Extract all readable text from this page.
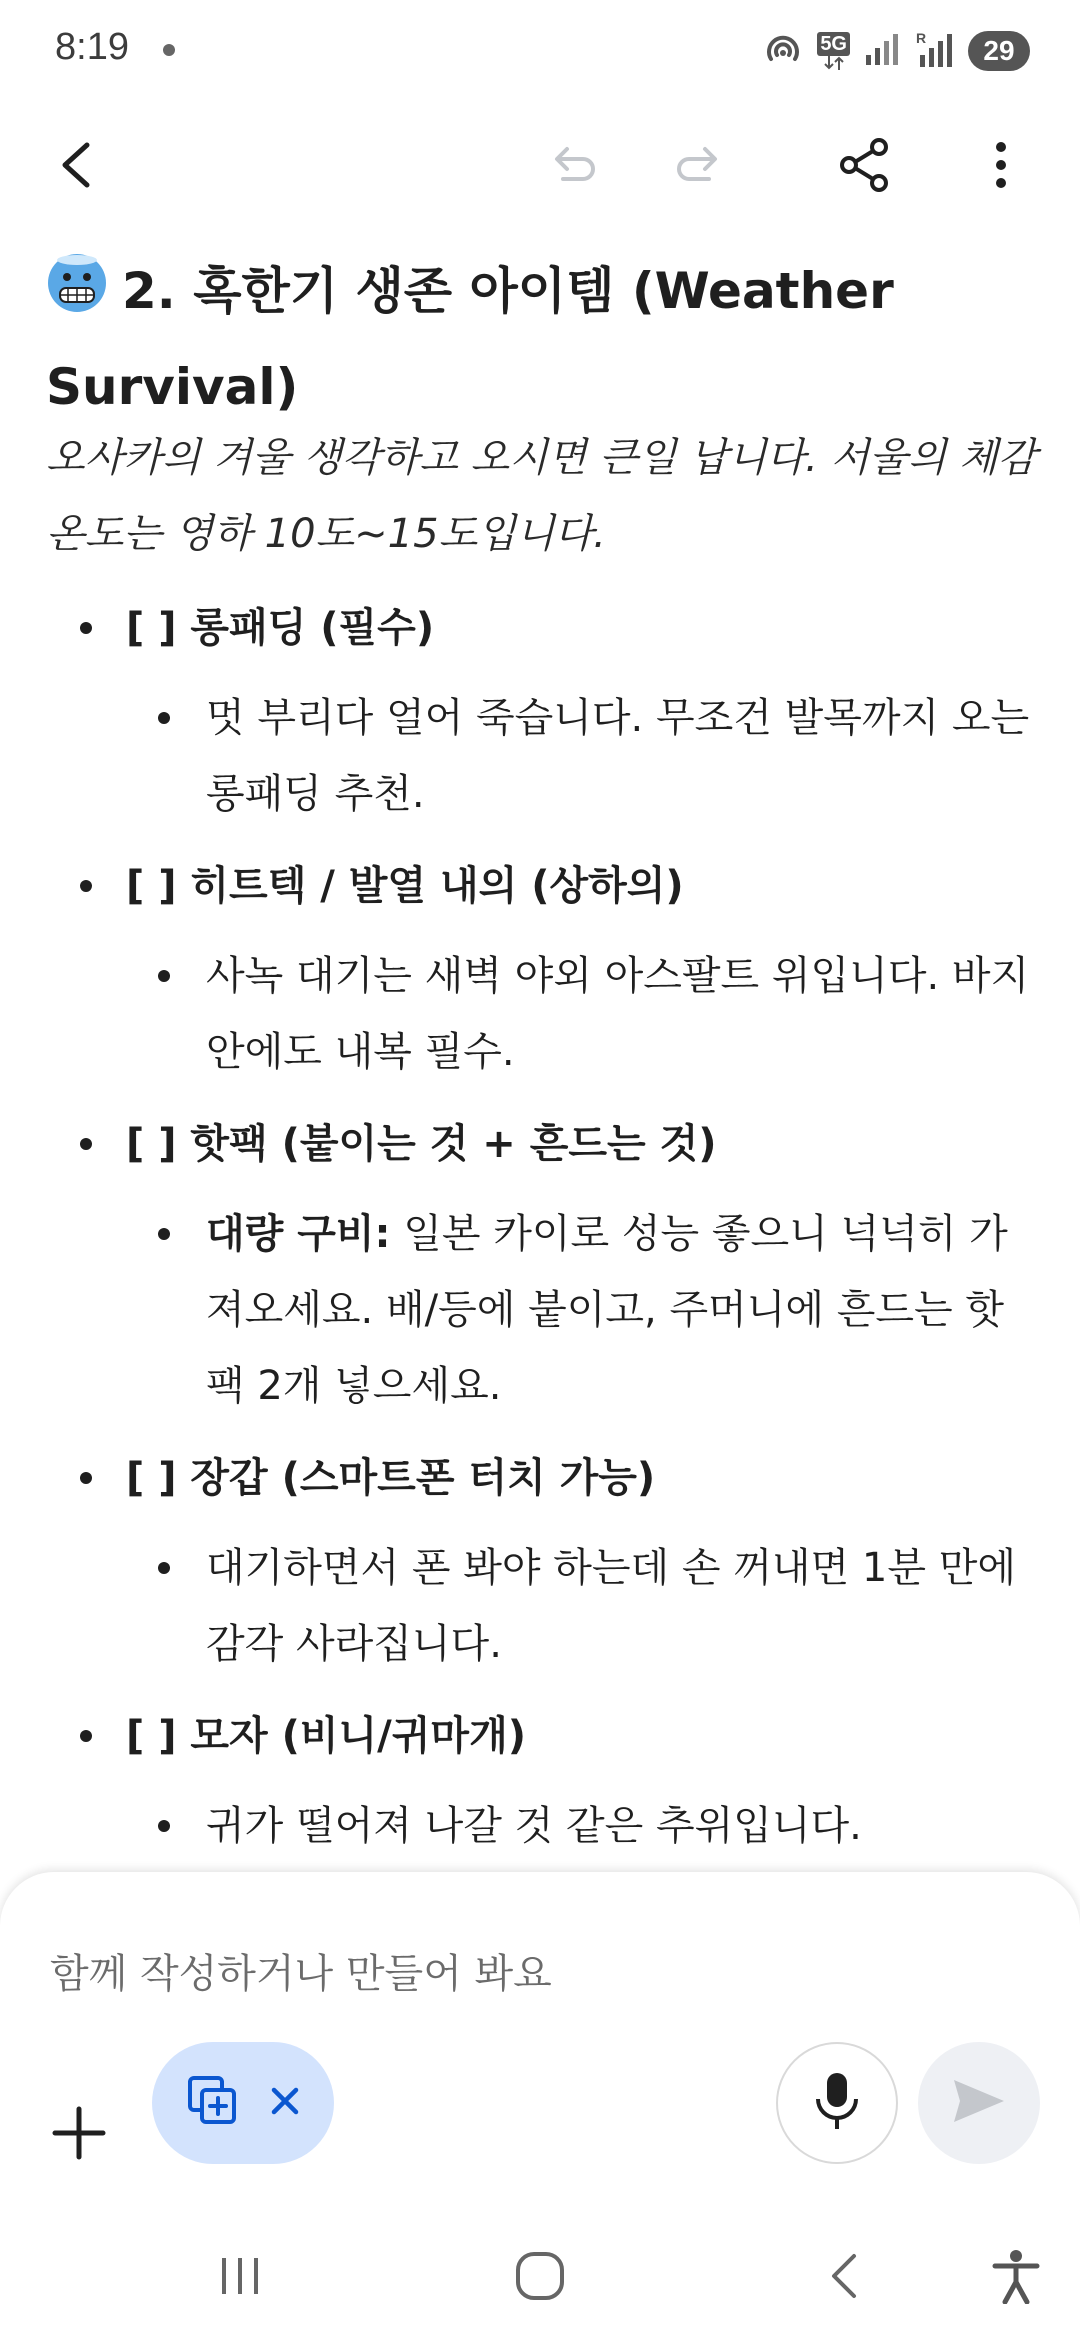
8:19	5G	R	29
2. 혹한기 생존 아이템 (Weather Survival)
오사카의 겨울 생각하고 오시면 큰일 납니다. 서울의 체감 온도는 영하 10도~15도입니다.
[ ] 롱패딩 (필수)
멋 부리다 얼어 죽습니다. 무조건 발목까지 오는 롱패딩 추천.
[ ] 히트텍 / 발열 내의 (상하의)
사녹 대기는 새벽 야외 아스팔트 위입니다. 바지 안에도 내복 필수.
[ ] 핫팩 (붙이는 것 + 흔드는 것)
대량 구비: 일본 카이로 성능 좋으니 넉넉히 가져오세요. 배/등에 붙이고, 주머니에 흔드는 핫팩 2개 넣으세요.
[ ] 장갑 (스마트폰 터치 가능)
대기하면서 폰 봐야 하는데 손 꺼내면 1분 만에 감각 사라집니다.
[ ] 모자 (비니/귀마개)
귀가 떨어져 나갈 것 같은 추위입니다.
함께 작성하거나 만들어 봐요
